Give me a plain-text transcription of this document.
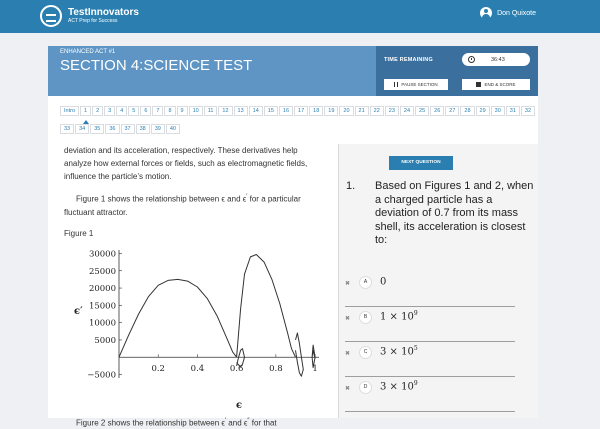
TestInnovators
ACT Prep for Success
Don Quixote
ENHANCED ACT #1
SECTION 4:SCIENCE TEST	TIME REMAINING	36:43
PAUSE SECTION	END & SCORE
Intro	1	2	3	4	5	6	7	8	9	10	11	12	13	14	15	16	17	18	19	20	21	22	23	24	25	26	27	28	29	30	31	32
33	34	35	36	37	38	39	40

deviation and its acceleration, respectively. These derivatives help analyze how external forces or fields, such as electromagnetic fields, influence the particle’s motion.

Figure 1 shows the relationship between ϵ and ϵ′ for a particular fluctuant attractor.

Figure 1

−5000
5000
10000
15000
20000
25000
30000
0.2	0.4	0.6	0.8	1
ϵ′
ϵ

Figure 2 shows the relationship between ϵ′ and ϵ″ for that

NEXT QUESTION
1. Based on Figures 1 and 2, when a charged particle has a deviation of 0.7 from its mass shell, its acceleration is closest to:
✖	A	0
✖	B	$1 \times 10^9$
✖	C	$3 \times 10^5$
✖	D	$3 \times 10^9$
